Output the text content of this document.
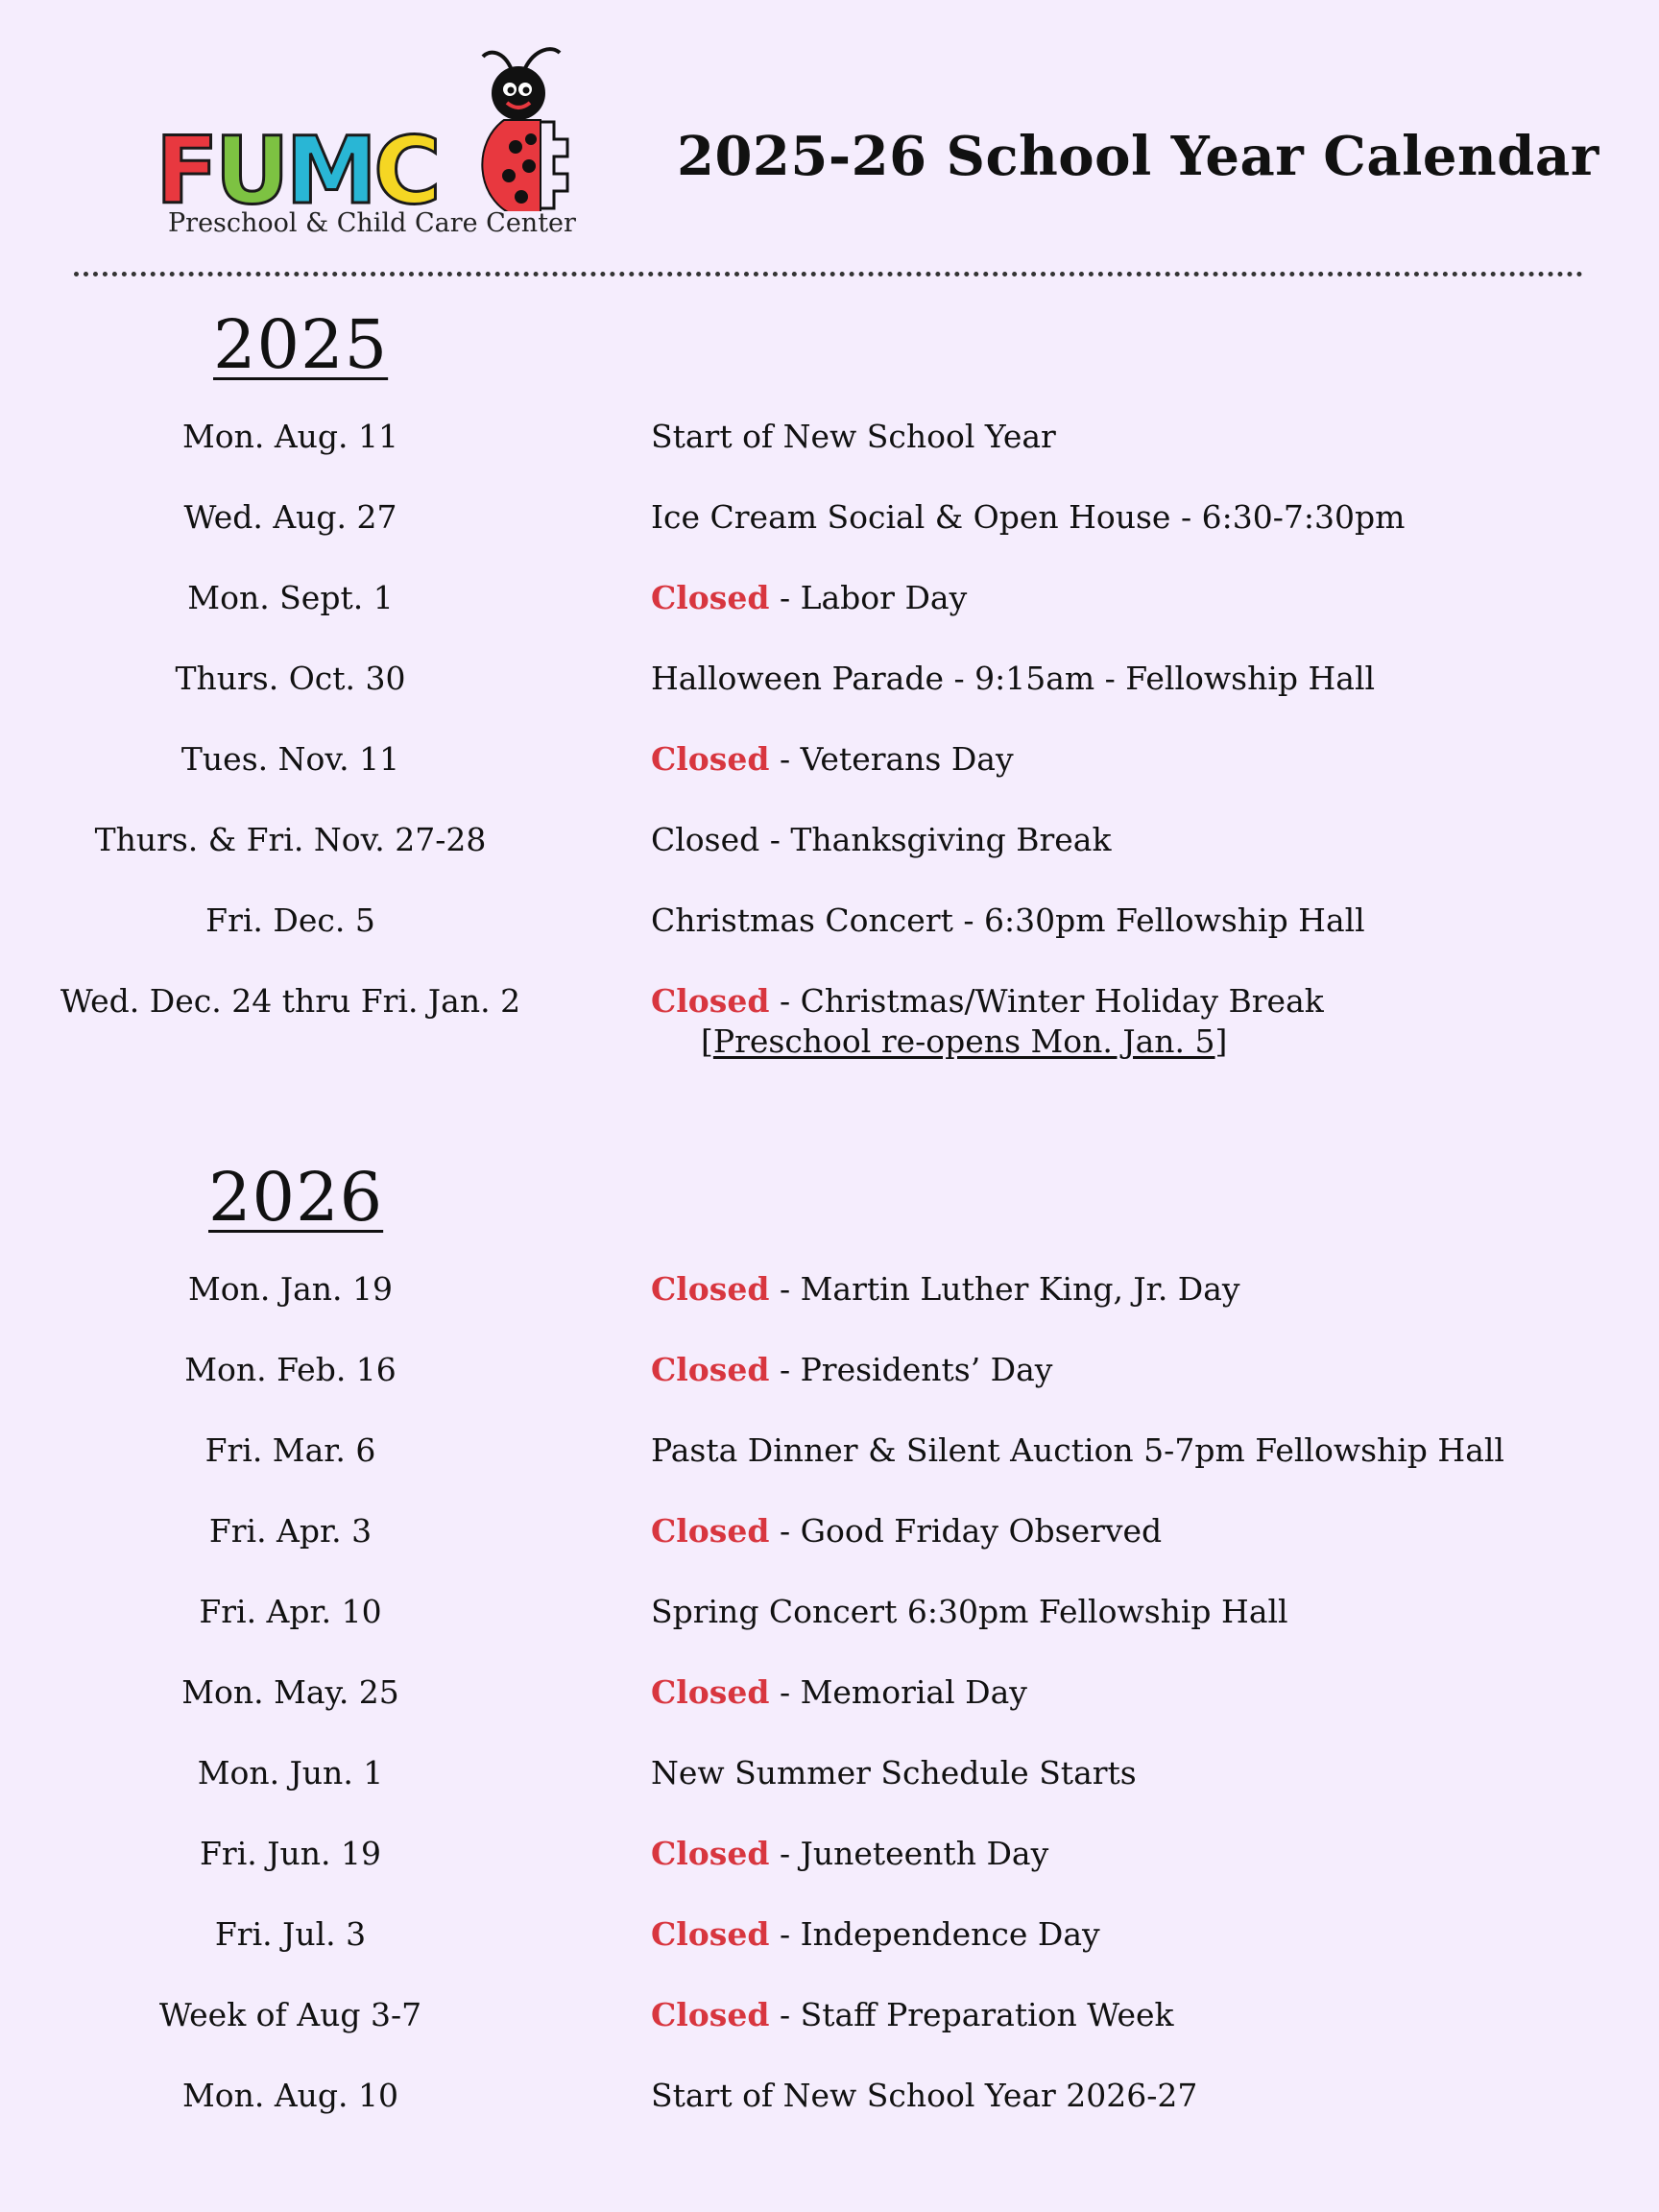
FUMC
Preschool & Child Care Center
2025-26 School Year Calendar
2025
Mon. Aug. 11	Start of New School Year
Wed. Aug. 27	Ice Cream Social & Open House - 6:30-7:30pm
Mon. Sept. 1	Closed - Labor Day
Thurs. Oct. 30	Halloween Parade - 9:15am - Fellowship Hall
Tues. Nov. 11	Closed - Veterans Day
Thurs. & Fri. Nov. 27-28	Closed - Thanksgiving Break
Fri. Dec. 5	Christmas Concert - 6:30pm Fellowship Hall
Wed. Dec. 24 thru Fri. Jan. 2	Closed - Christmas/Winter Holiday Break
[Preschool re-opens Mon. Jan. 5]
2026
Mon. Jan. 19	Closed - Martin Luther King, Jr. Day
Mon. Feb. 16	Closed - Presidents’ Day
Fri. Mar. 6	Pasta Dinner & Silent Auction 5-7pm Fellowship Hall
Fri. Apr. 3	Closed - Good Friday Observed
Fri. Apr. 10	Spring Concert 6:30pm Fellowship Hall
Mon. May. 25	Closed - Memorial Day
Mon. Jun. 1	New Summer Schedule Starts
Fri. Jun. 19	Closed - Juneteenth Day
Fri. Jul. 3	Closed - Independence Day
Week of Aug 3-7	Closed - Staff Preparation Week
Mon. Aug. 10	Start of New School Year 2026-27
